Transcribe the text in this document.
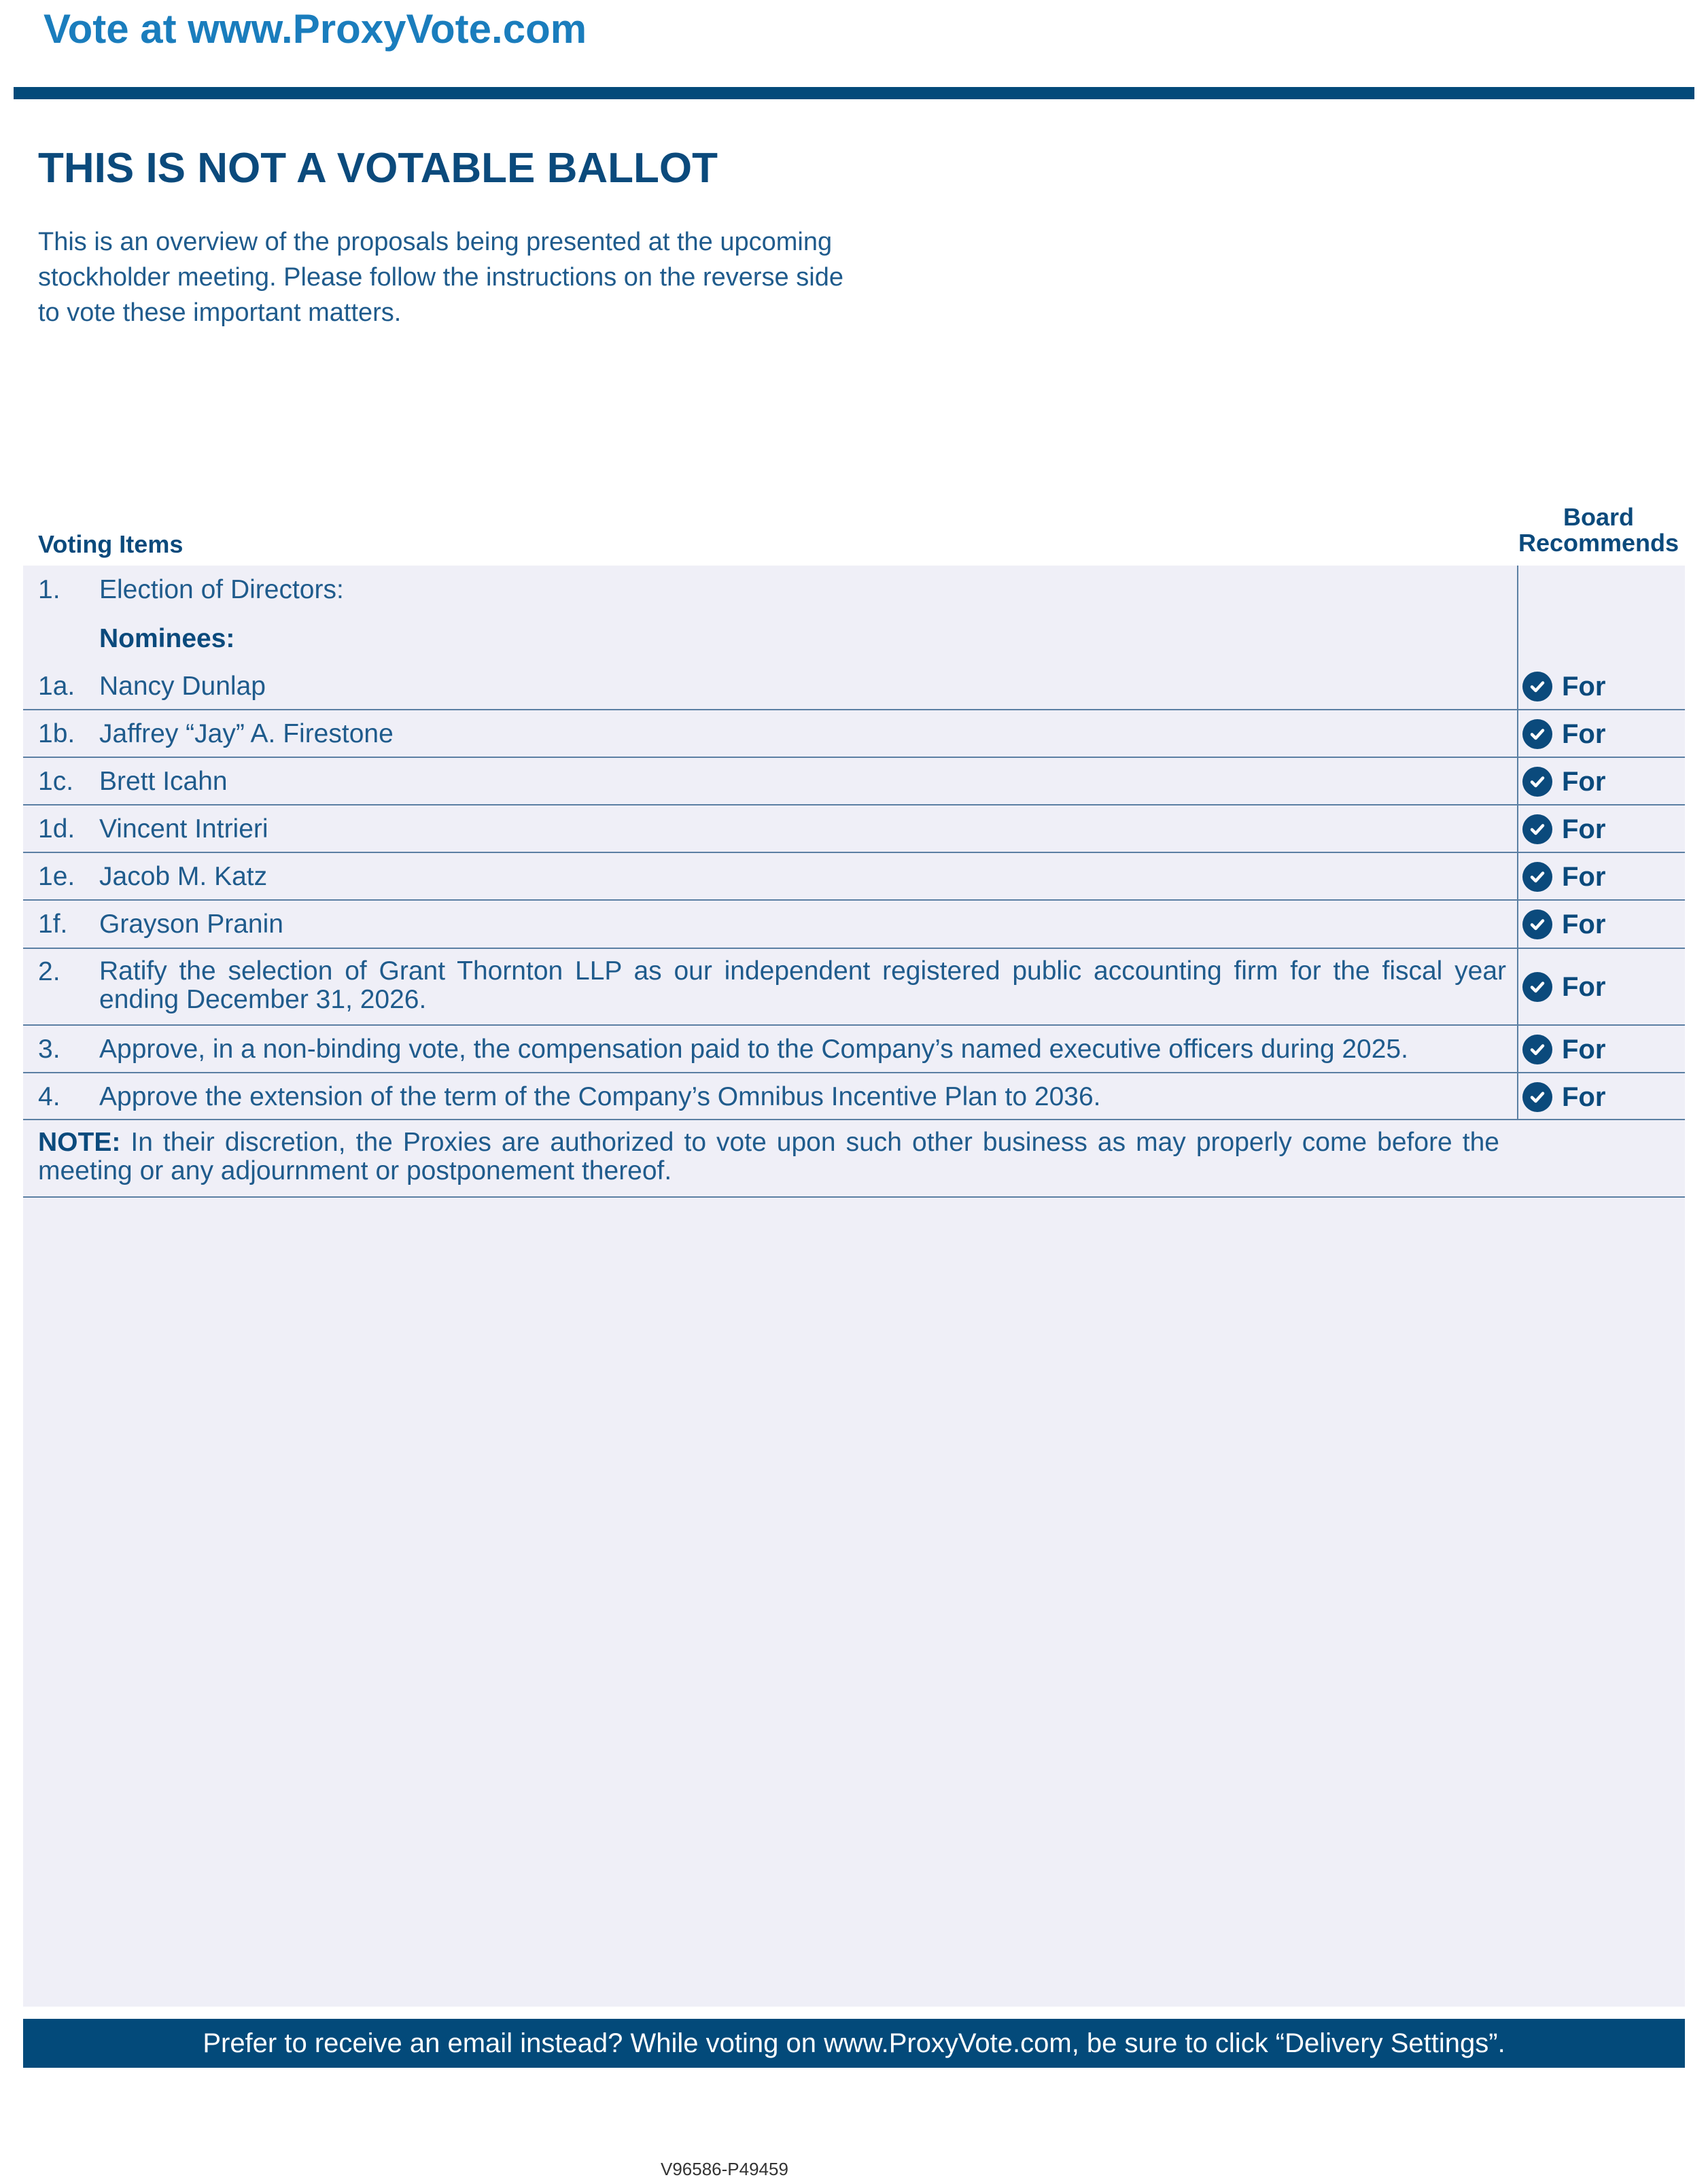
Vote at www.ProxyVote.com
THIS IS NOT A VOTABLE BALLOT
This is an overview of the proposals being presented at the upcoming stockholder meeting. Please follow the instructions on the reverse side to vote these important matters.
Voting Items
Board
Recommends
1. Election of Directors:
Nominees:
1a. Nancy Dunlap	For
1b. Jaffrey “Jay” A. Firestone	For
1c. Brett Icahn	For
1d. Vincent Intrieri	For
1e. Jacob M. Katz	For
1f. Grayson Pranin	For
2. Ratify the selection of Grant Thornton LLP as our independent registered public accounting firm for the fiscal year ending December 31, 2026.	For
3. Approve, in a non-binding vote, the compensation paid to the Company’s named executive officers during 2025.	For
4. Approve the extension of the term of the Company’s Omnibus Incentive Plan to 2036.	For
NOTE: In their discretion, the Proxies are authorized to vote upon such other business as may properly come before the meeting or any adjournment or postponement thereof.
Prefer to receive an email instead? While voting on www.ProxyVote.com, be sure to click “Delivery Settings”.
V96586-P49459
